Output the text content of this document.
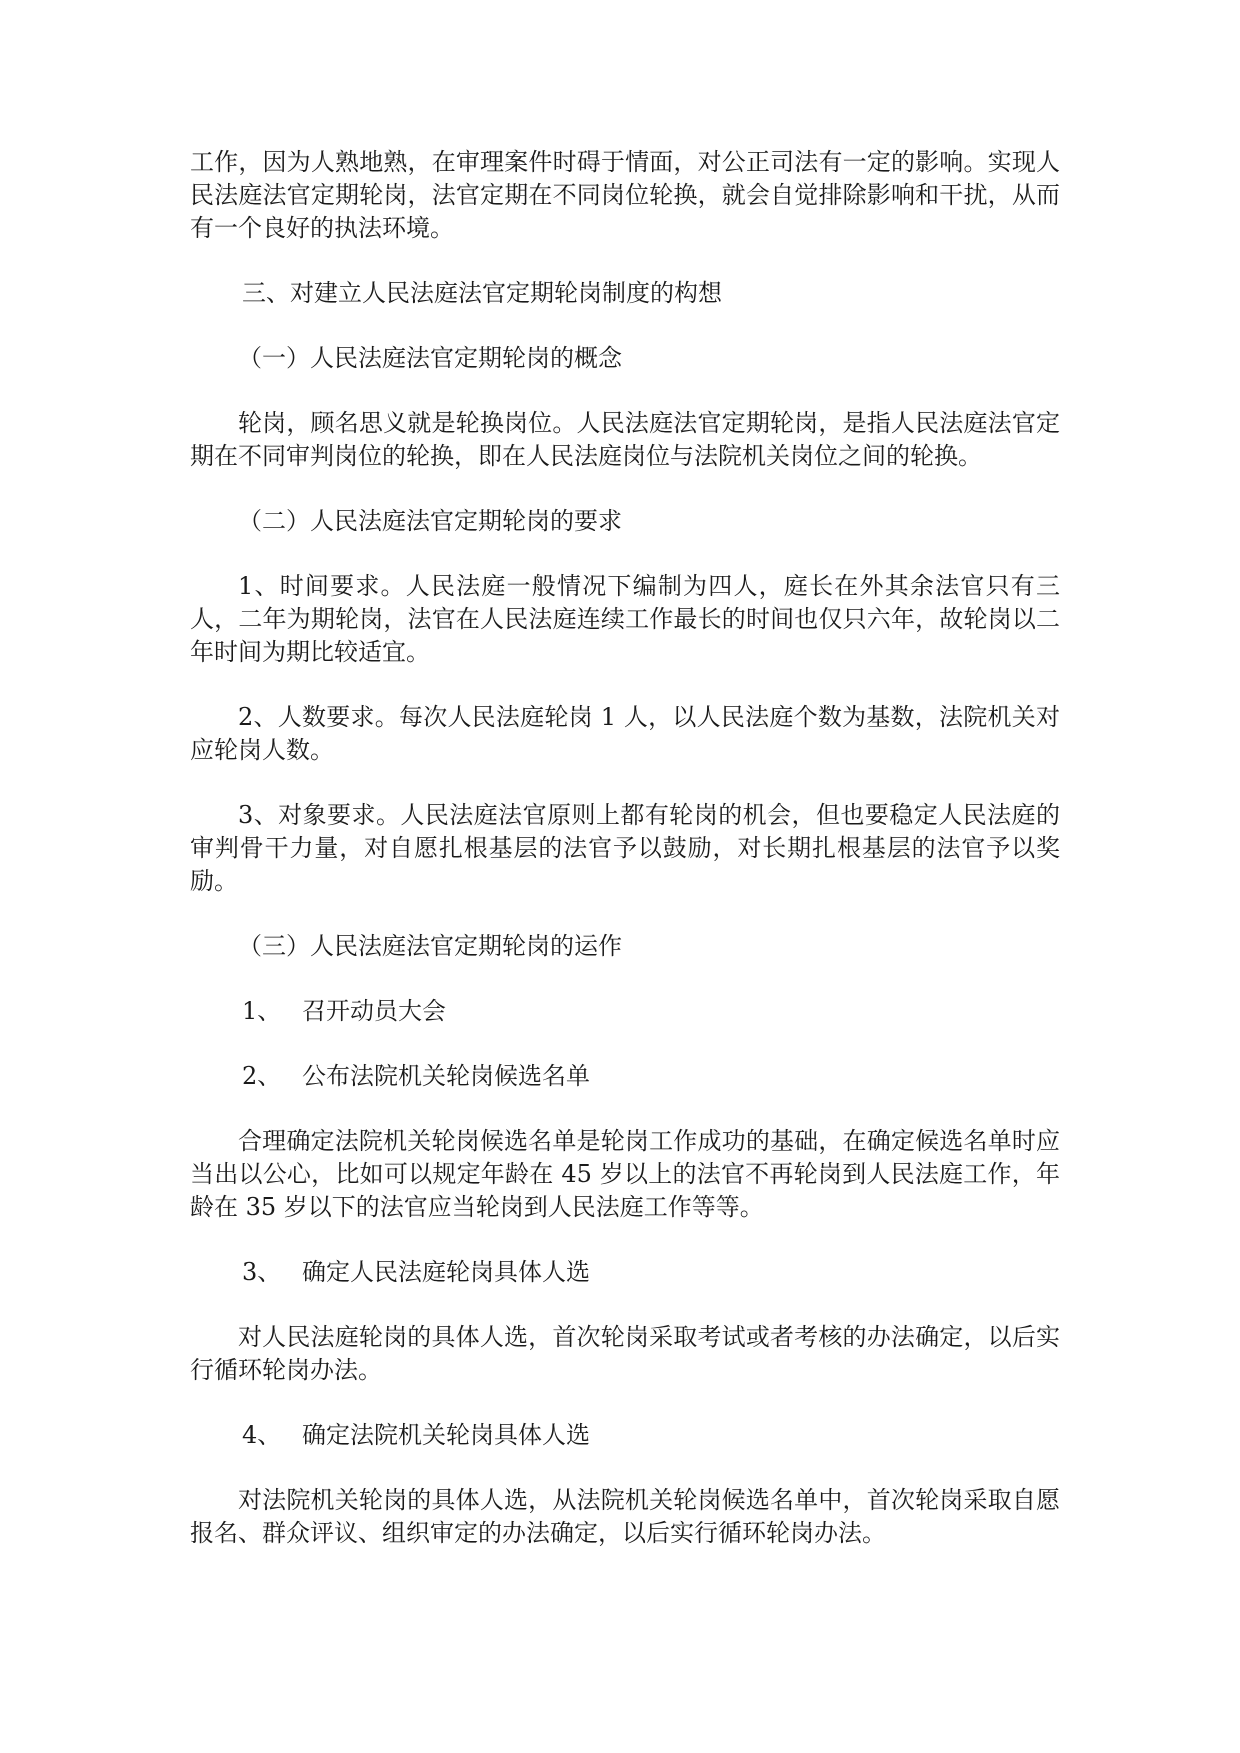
工作，因为人熟地熟，在审理案件时碍于情面，对公正司法有一定的影响。实现人民法庭法官定期轮岗，法官定期在不同岗位轮换，就会自觉排除影响和干扰，从而有一个良好的执法环境。

三、对建立人民法庭法官定期轮岗制度的构想

（一）人民法庭法官定期轮岗的概念

轮岗，顾名思义就是轮换岗位。人民法庭法官定期轮岗，是指人民法庭法官定期在不同审判岗位的轮换，即在人民法庭岗位与法院机关岗位之间的轮换。

（二）人民法庭法官定期轮岗的要求

1、时间要求。人民法庭一般情况下编制为四人，庭长在外其余法官只有三人，二年为期轮岗，法官在人民法庭连续工作最长的时间也仅只六年，故轮岗以二年时间为期比较适宜。

2、人数要求。每次人民法庭轮岗 1 人，以人民法庭个数为基数，法院机关对应轮岗人数。

3、对象要求。人民法庭法官原则上都有轮岗的机会，但也要稳定人民法庭的审判骨干力量，对自愿扎根基层的法官予以鼓励，对长期扎根基层的法官予以奖励。

（三）人民法庭法官定期轮岗的运作

1、 召开动员大会

2、 公布法院机关轮岗候选名单

合理确定法院机关轮岗候选名单是轮岗工作成功的基础，在确定候选名单时应当出以公心，比如可以规定年龄在 45 岁以上的法官不再轮岗到人民法庭工作，年龄在 35 岁以下的法官应当轮岗到人民法庭工作等等。

3、 确定人民法庭轮岗具体人选

对人民法庭轮岗的具体人选，首次轮岗采取考试或者考核的办法确定，以后实行循环轮岗办法。

4、 确定法院机关轮岗具体人选

对法院机关轮岗的具体人选，从法院机关轮岗候选名单中，首次轮岗采取自愿报名、群众评议、组织审定的办法确定，以后实行循环轮岗办法。
